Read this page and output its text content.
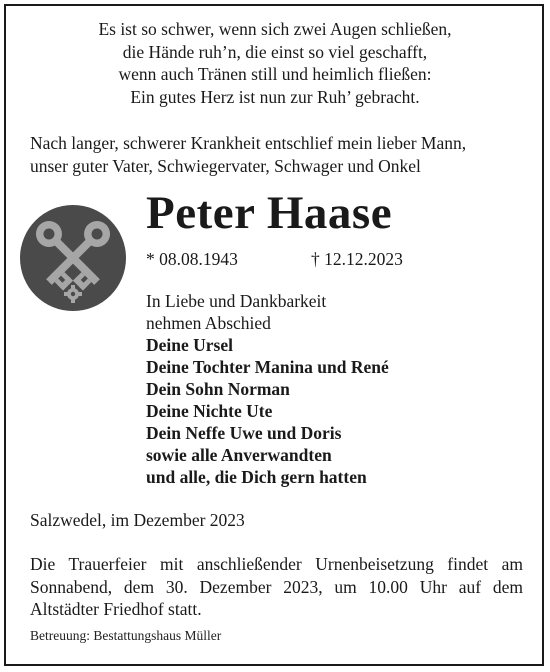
Es ist so schwer, wenn sich zwei Augen schließen,
die Hände ruh’n, die einst so viel geschafft,
wenn auch Tränen still und heimlich fließen:
Ein gutes Herz ist nun zur Ruh’ gebracht.
Nach langer, schwerer Krankheit entschlief mein lieber Mann,
unser guter Vater, Schwiegervater, Schwager und Onkel
Peter Haase
* 08.08.1943	† 12.12.2023
In Liebe und Dankbarkeit
nehmen Abschied
Deine Ursel
Deine Tochter Manina und René
Dein Sohn Norman
Deine Nichte Ute
Dein Neffe Uwe und Doris
sowie alle Anverwandten
und alle, die Dich gern hatten
Salzwedel, im Dezember 2023
Die Trauerfeier mit anschließender Urnenbeisetzung findet am
Sonnabend, dem 30. Dezember 2023, um 10.00 Uhr auf dem
Altstädter Friedhof statt.
Betreuung: Bestattungshaus Müller
